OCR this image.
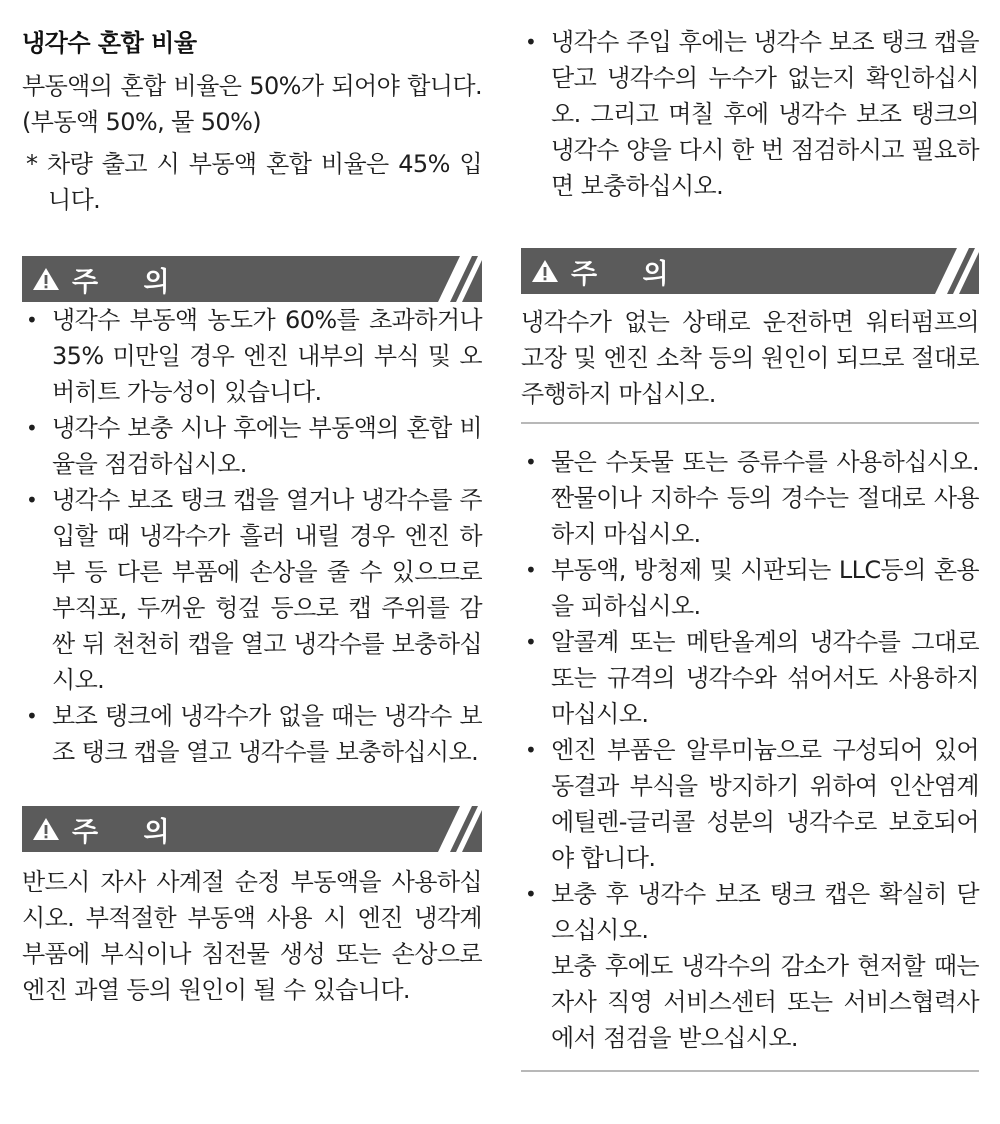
냉각수 혼합 비율

부동액의 혼합 비율은 50%가 되어야 합니다. (부동액 50%, 물 50%)

* 차량 출고 시 부동액 혼합 비율은 45% 입니다.

주 의
• 냉각수 부동액 농도가 60%를 초과하거나 35% 미만일 경우 엔진 내부의 부식 및 오버히트 가능성이 있습니다.
• 냉각수 보충 시나 후에는 부동액의 혼합 비율을 점검하십시오.
• 냉각수 보조 탱크 캡을 열거나 냉각수를 주입할 때 냉각수가 흘러 내릴 경우 엔진 하부 등 다른 부품에 손상을 줄 수 있으므로 부직포, 두꺼운 헝겊 등으로 캡 주위를 감싼 뒤 천천히 캡을 열고 냉각수를 보충하십시오.
• 보조 탱크에 냉각수가 없을 때는 냉각수 보조 탱크 캡을 열고 냉각수를 보충하십시오.
주 의

반드시 자사 사계절 순정 부동액을 사용하십시오. 부적절한 부동액 사용 시 엔진 냉각계 부품에 부식이나 침전물 생성 또는 손상으로 엔진 과열 등의 원인이 될 수 있습니다.

• 냉각수 주입 후에는 냉각수 보조 탱크 캡을 닫고 냉각수의 누수가 없는지 확인하십시오. 그리고 며칠 후에 냉각수 보조 탱크의 냉각수 양을 다시 한 번 점검하시고 필요하면 보충하십시오.
주 의

냉각수가 없는 상태로 운전하면 워터펌프의 고장 및 엔진 소착 등의 원인이 되므로 절대로 주행하지 마십시오.

• 물은 수돗물 또는 증류수를 사용하십시오. 짠물이나 지하수 등의 경수는 절대로 사용하지 마십시오.
• 부동액, 방청제 및 시판되는 LLC등의 혼용을 피하십시오.
• 알콜계 또는 메탄올계의 냉각수를 그대로 또는 규격의 냉각수와 섞어서도 사용하지 마십시오.
• 엔진 부품은 알루미늄으로 구성되어 있어 동결과 부식을 방지하기 위하여 인산염계 에틸렌-글리콜 성분의 냉각수로 보호되어야 합니다.
• 보충 후 냉각수 보조 탱크 캡은 확실히 닫으십시오.

보충 후에도 냉각수의 감소가 현저할 때는 자사 직영 서비스센터 또는 서비스협력사에서 점검을 받으십시오.
